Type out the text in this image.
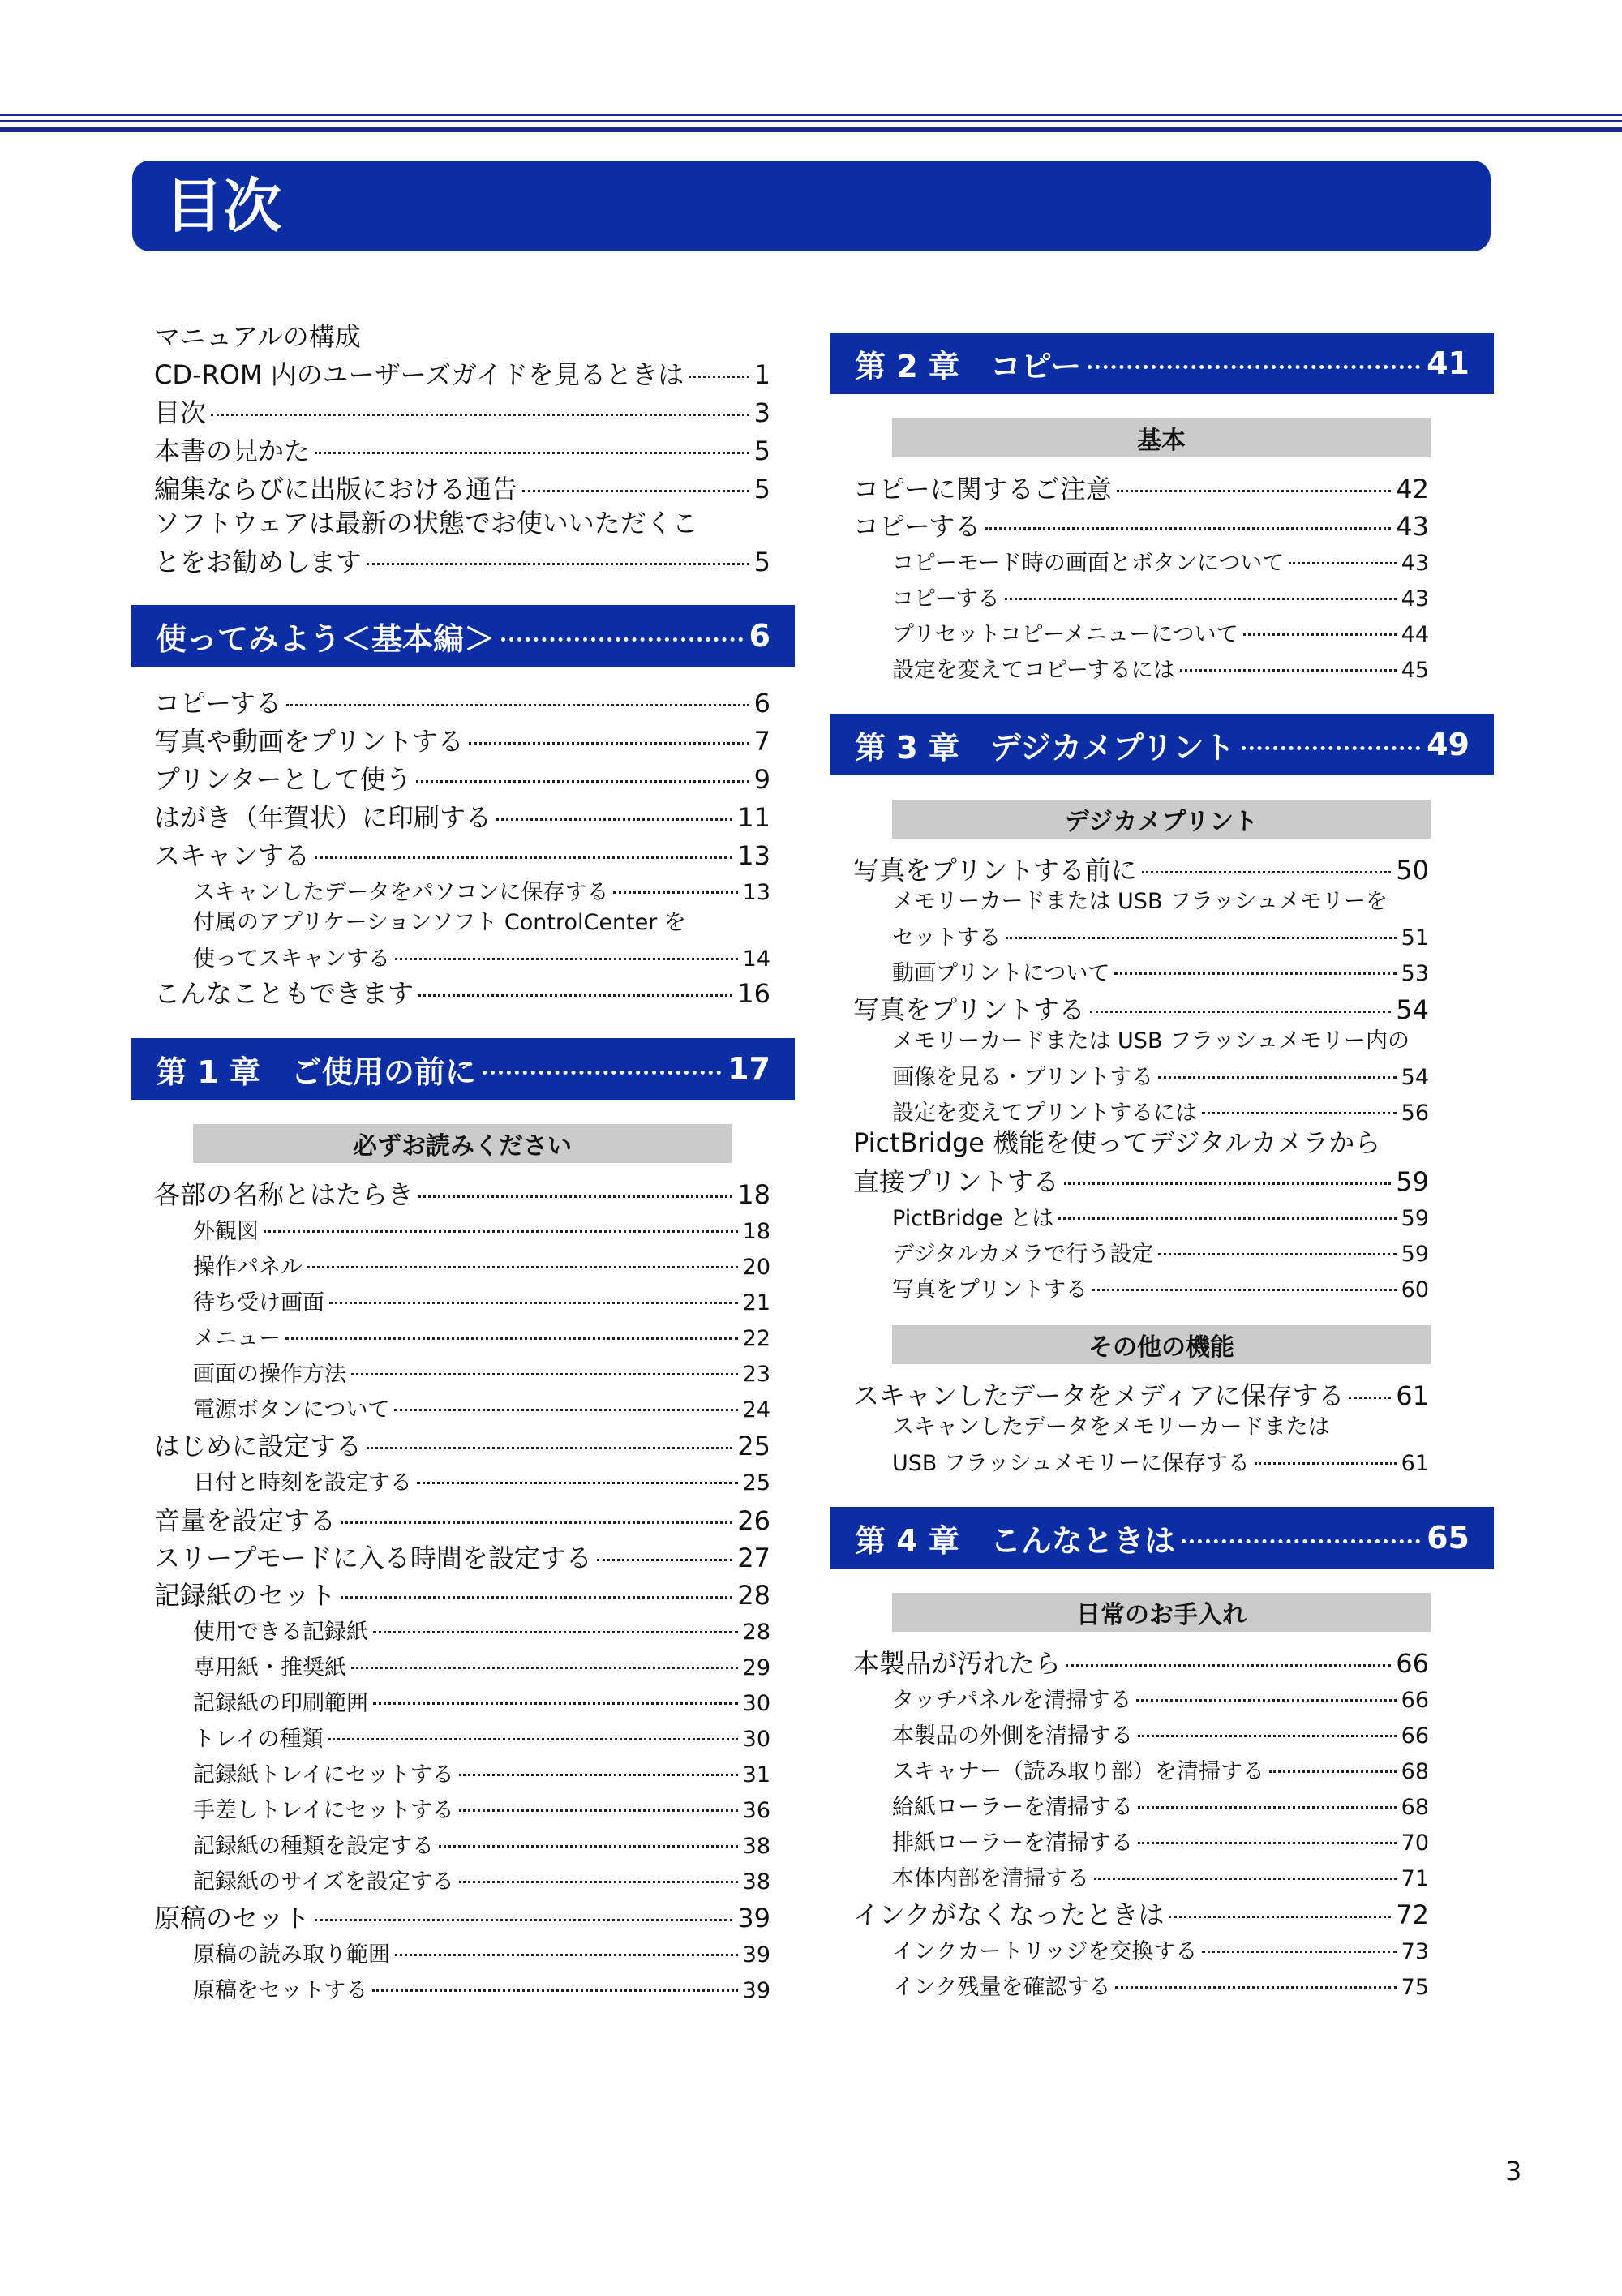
目次
マニュアルの構成
CD-ROM 内のユーザーズガイドを見るときは	1
目次	3
本書の見かた	5
編集ならびに出版における通告	5
ソフトウェアは最新の状態でお使いいただくこ
とをお勧めします	5
使ってみよう＜基本編＞	6
コピーする	6
写真や動画をプリントする	7
プリンターとして使う	9
はがき（年賀状）に印刷する	11
スキャンする	13
スキャンしたデータをパソコンに保存する	13
付属のアプリケーションソフト ControlCenter を
使ってスキャンする	14
こんなこともできます	16
第 1 章　ご使用の前に	17
必ずお読みください
各部の名称とはたらき	18
外観図	18
操作パネル	20
待ち受け画面	21
メニュー	22
画面の操作方法	23
電源ボタンについて	24
はじめに設定する	25
日付と時刻を設定する	25
音量を設定する	26
スリープモードに入る時間を設定する	27
記録紙のセット	28
使用できる記録紙	28
専用紙・推奨紙	29
記録紙の印刷範囲	30
トレイの種類	30
記録紙トレイにセットする	31
手差しトレイにセットする	36
記録紙の種類を設定する	38
記録紙のサイズを設定する	38
原稿のセット	39
原稿の読み取り範囲	39
原稿をセットする	39
第 2 章　コピー	41
基本
コピーに関するご注意	42
コピーする	43
コピーモード時の画面とボタンについて	43
コピーする	43
プリセットコピーメニューについて	44
設定を変えてコピーするには	45
第 3 章　デジカメプリント	49
デジカメプリント
写真をプリントする前に	50
メモリーカードまたは USB フラッシュメモリーを
セットする	51
動画プリントについて	53
写真をプリントする	54
メモリーカードまたは USB フラッシュメモリー内の
画像を見る・プリントする	54
設定を変えてプリントするには	56
PictBridge 機能を使ってデジタルカメラから
直接プリントする	59
PictBridge とは	59
デジタルカメラで行う設定	59
写真をプリントする	60
その他の機能
スキャンしたデータをメディアに保存する 61
スキャンしたデータをメモリーカードまたは
USB フラッシュメモリーに保存する	61
第 4 章　こんなときは	65
日常のお手入れ
本製品が汚れたら	66
タッチパネルを清掃する	66
本製品の外側を清掃する	66
スキャナー（読み取り部）を清掃する	68
給紙ローラーを清掃する	68
排紙ローラーを清掃する	70
本体内部を清掃する	71
インクがなくなったときは	72
インクカートリッジを交換する	73
インク残量を確認する	75
3
